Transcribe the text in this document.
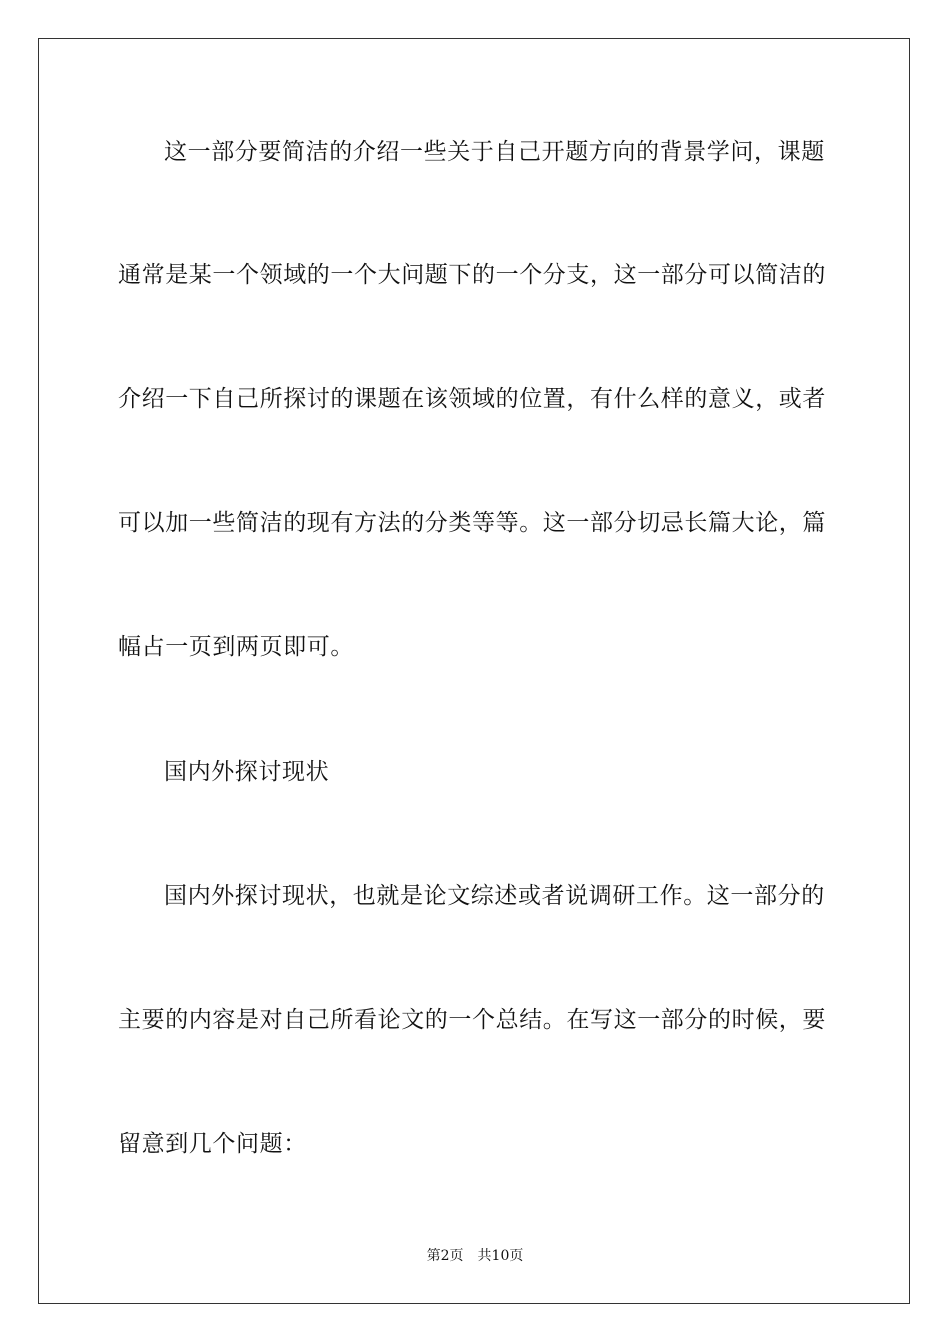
这一部分要简洁的介绍一些关于自己开题方向的背景学问，课题
通常是某一个领域的一个大问题下的一个分支，这一部分可以简洁的
介绍一下自己所探讨的课题在该领域的位置，有什么样的意义，或者
可以加一些简洁的现有方法的分类等等。这一部分切忌长篇大论，篇
幅占一页到两页即可。
国内外探讨现状
国内外探讨现状，也就是论文综述或者说调研工作。这一部分的
主要的内容是对自己所看论文的一个总结。在写这一部分的时候，要
留意到几个问题：
第2页 共10页
